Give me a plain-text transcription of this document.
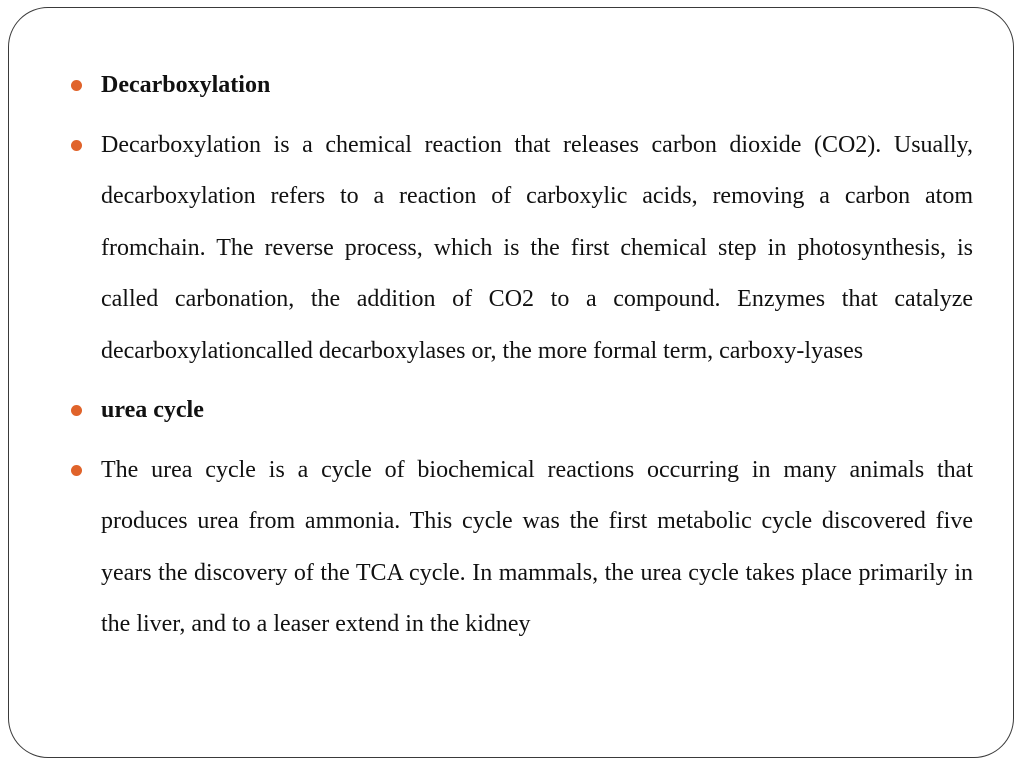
Decarboxylation
Decarboxylation is a chemical reaction that releases carbon dioxide (CO2). Usually, decarboxylation refers to a reaction of carboxylic acids, removing a carbon atom fromchain. The reverse process, which is the first chemical step in photosynthesis, is called carbonation, the addition of CO2 to a compound. Enzymes that catalyze decarboxylationcalled decarboxylases or, the more formal term, carboxy-lyases
urea cycle
The urea cycle is a cycle of biochemical reactions occurring in many animals that produces urea from ammonia. This cycle was the first metabolic cycle discovered five years the discovery of the TCA cycle. In mammals, the urea cycle takes place primarily in the liver, and to a leaser extend in the kidney
